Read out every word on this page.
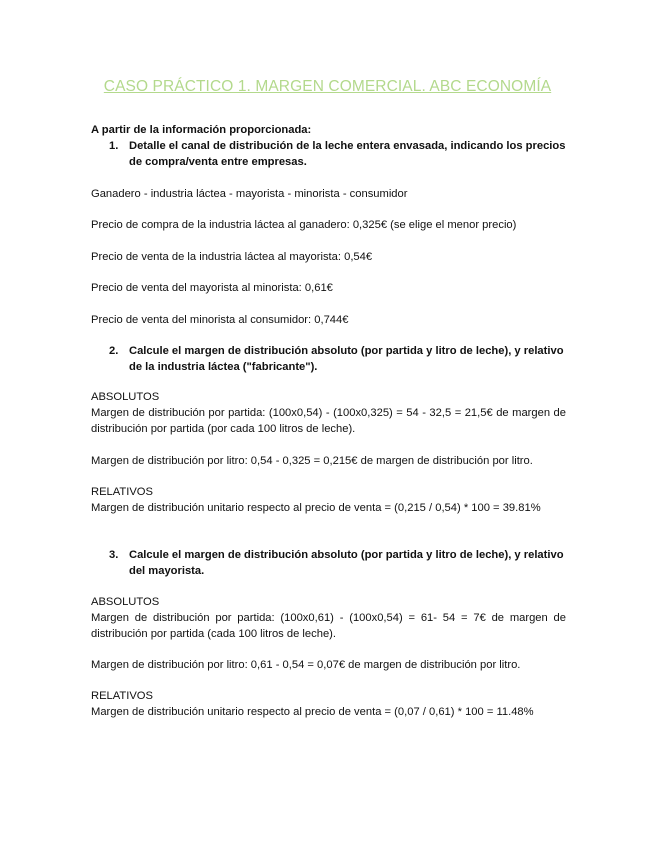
CASO PRÁCTICO 1. MARGEN COMERCIAL. ABC ECONOMÍA
A partir de la información proporcionada:
1. Detalle el canal de distribución de la leche entera envasada, indicando los precios de compra/venta entre empresas.
Ganadero - industria láctea - mayorista - minorista - consumidor
Precio de compra de la industria láctea al ganadero: 0,325€ (se elige el menor precio)
Precio de venta de la industria láctea al mayorista: 0,54€
Precio de venta del mayorista al minorista: 0,61€
Precio de venta del minorista al consumidor: 0,744€
2. Calcule el margen de distribución absoluto (por partida y litro de leche), y relativo de la industria láctea ("fabricante").
ABSOLUTOS
Margen de distribución por partida: (100x0,54) - (100x0,325) = 54 - 32,5 = 21,5€ de margen de distribución por partida (por cada 100 litros de leche).
Margen de distribución por litro: 0,54 - 0,325 = 0,215€ de margen de distribución por litro.
RELATIVOS
Margen de distribución unitario respecto al precio de venta = (0,215 / 0,54) * 100 = 39.81%
3. Calcule el margen de distribución absoluto (por partida y litro de leche), y relativo del mayorista.
ABSOLUTOS
Margen de distribución por partida: (100x0,61) - (100x0,54) = 61- 54 = 7€ de margen de distribución por partida (cada 100 litros de leche).
Margen de distribución por litro: 0,61 - 0,54 = 0,07€ de margen de distribución por litro.
RELATIVOS
Margen de distribución unitario respecto al precio de venta = (0,07 / 0,61) * 100 = 11.48%
